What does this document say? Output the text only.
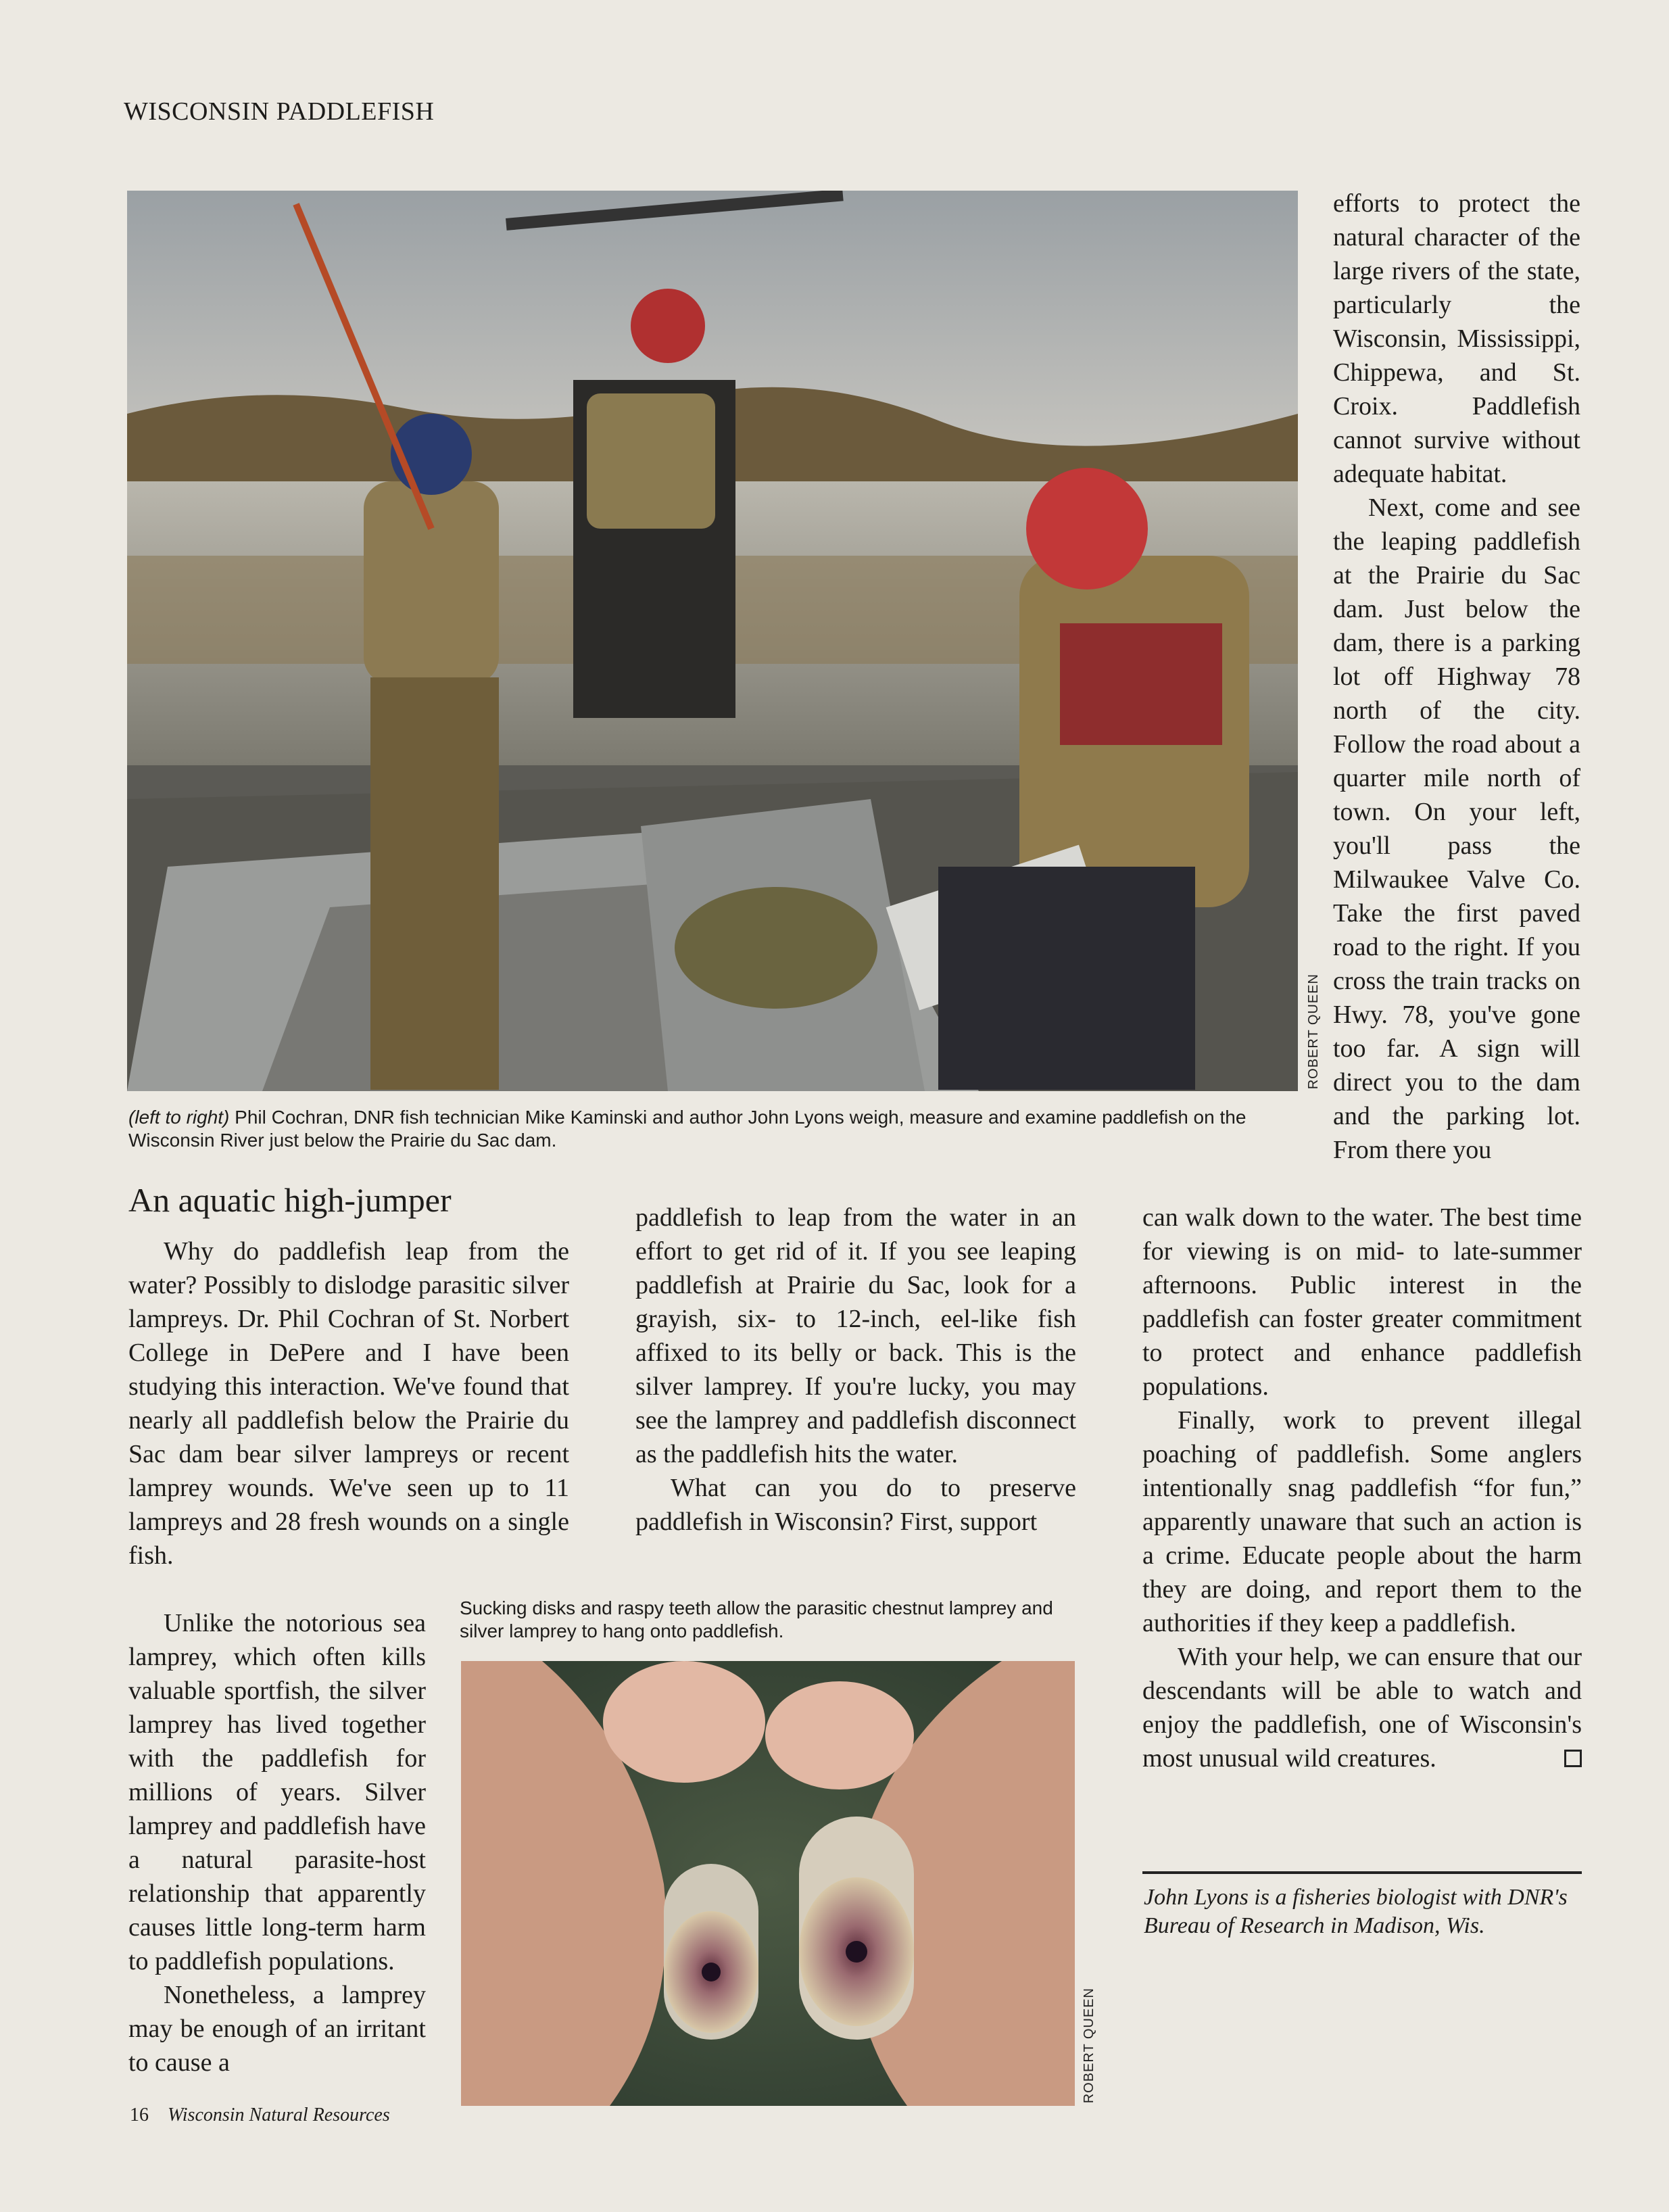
WISCONSIN PADDLEFISH
ROBERT QUEEN
(left to right) Phil Cochran, DNR fish technician Mike Kaminski and author John Lyons weigh, measure and examine paddlefish on the Wisconsin River just below the Prairie du Sac dam.

efforts to protect the natural character of the large rivers of the state, particularly the Wisconsin, Mississippi, Chippewa, and St. Croix. Paddlefish cannot survive without adequate habitat.

Next, come and see the leaping paddlefish at the Prairie du Sac dam. Just below the dam, there is a parking lot off Highway 78 north of the city. Follow the road about a quarter mile north of town. On your left, you'll pass the Milwaukee Valve Co. Take the first paved road to the right. If you cross the train tracks on Hwy. 78, you've gone too far. A sign will direct you to the dam and the parking lot. From there you

An aquatic high-jumper

Why do paddlefish leap from the water? Possibly to dislodge parasitic silver lampreys. Dr. Phil Cochran of St. Norbert College in DePere and I have been studying this interaction. We've found that nearly all paddlefish below the Prairie du Sac dam bear silver lampreys or recent lamprey wounds. We've seen up to 11 lampreys and 28 fresh wounds on a single fish.

Unlike the notorious sea lamprey, which often kills valuable sportfish, the silver lamprey has lived together with the paddlefish for millions of years. Silver lamprey and paddlefish have a natural parasite-host relationship that apparently causes little long-term harm to paddlefish populations.

Nonetheless, a lamprey may be enough of an irritant to cause a

paddlefish to leap from the water in an effort to get rid of it. If you see leaping paddlefish at Prairie du Sac, look for a grayish, six- to 12-inch, eel-like fish affixed to its belly or back. This is the silver lamprey. If you're lucky, you may see the lamprey and paddlefish disconnect as the paddlefish hits the water.

What can you do to preserve paddlefish in Wisconsin? First, support

Sucking disks and raspy teeth allow the parasitic chestnut lamprey and silver lamprey to hang onto paddlefish.
ROBERT QUEEN

can walk down to the water. The best time for viewing is on mid- to late-summer afternoons. Public interest in the paddlefish can foster greater commitment to protect and enhance paddlefish populations.

Finally, work to prevent illegal poaching of paddlefish. Some anglers intentionally snag paddlefish “for fun,” apparently unaware that such an action is a crime. Educate people about the harm they are doing, and report them to the authorities if they keep a paddlefish.

With your help, we can ensure that our descendants will be able to watch and enjoy the paddlefish, one of Wisconsin's most unusual wild creatures.

John Lyons is a fisheries biologist with DNR's Bureau of Research in Madison, Wis.
16 Wisconsin Natural Resources
